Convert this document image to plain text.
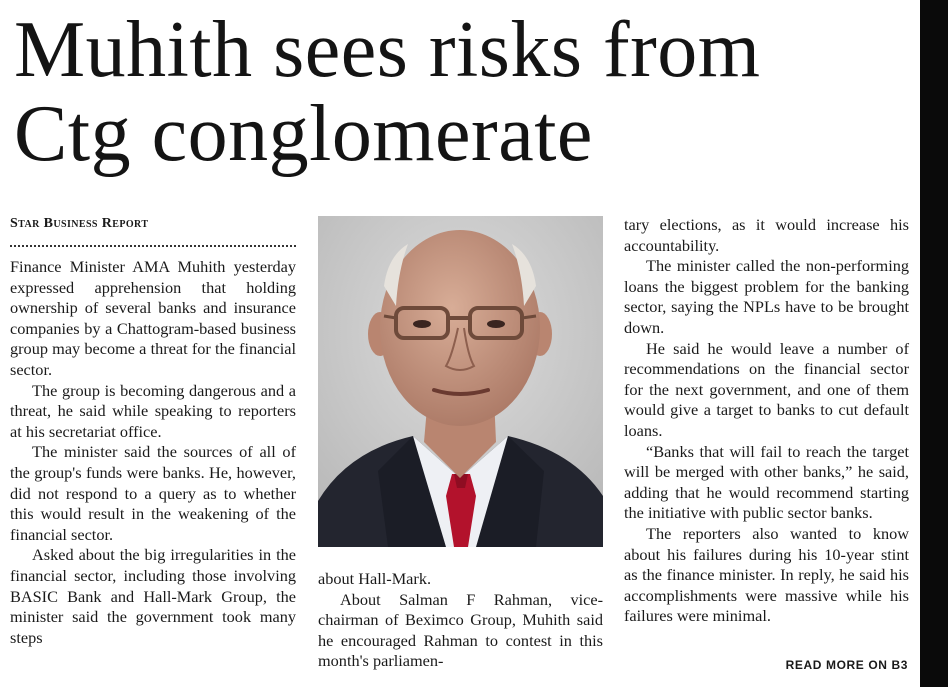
Muhith sees risks from
Ctg conglomerate
Star Business Report

Finance Minister AMA Muhith yesterday expressed apprehension that holding ownership of several banks and insurance companies by a Chattogram-based business group may become a threat for the financial sector.

The group is becoming dangerous and a threat, he said while speaking to reporters at his secretariat office.

The minister said the sources of all of the group's funds were banks. He, however, did not respond to a query as to whether this would result in the weakening of the financial sector.

Asked about the big irregularities in the financial sector, including those involving BASIC Bank and Hall-Mark Group, the minister said the government took many steps

about Hall-Mark.

About Salman F Rahman, vice-chairman of Beximco Group, Muhith said he encouraged Rahman to contest in this month's parliamen-

tary elections, as it would increase his accountability.

The minister called the non-performing loans the biggest problem for the banking sector, saying the NPLs have to be brought down.

He said he would leave a number of recommendations on the financial sector for the next government, and one of them would give a target to banks to cut default loans.

“Banks that will fail to reach the target will be merged with other banks,” he said, adding that he would recommend starting the initiative with public sector banks.

The reporters also wanted to know about his failures during his 10-year stint as the finance minister. In reply, he said his accomplishments were massive while his failures were minimal.

READ MORE ON B3
